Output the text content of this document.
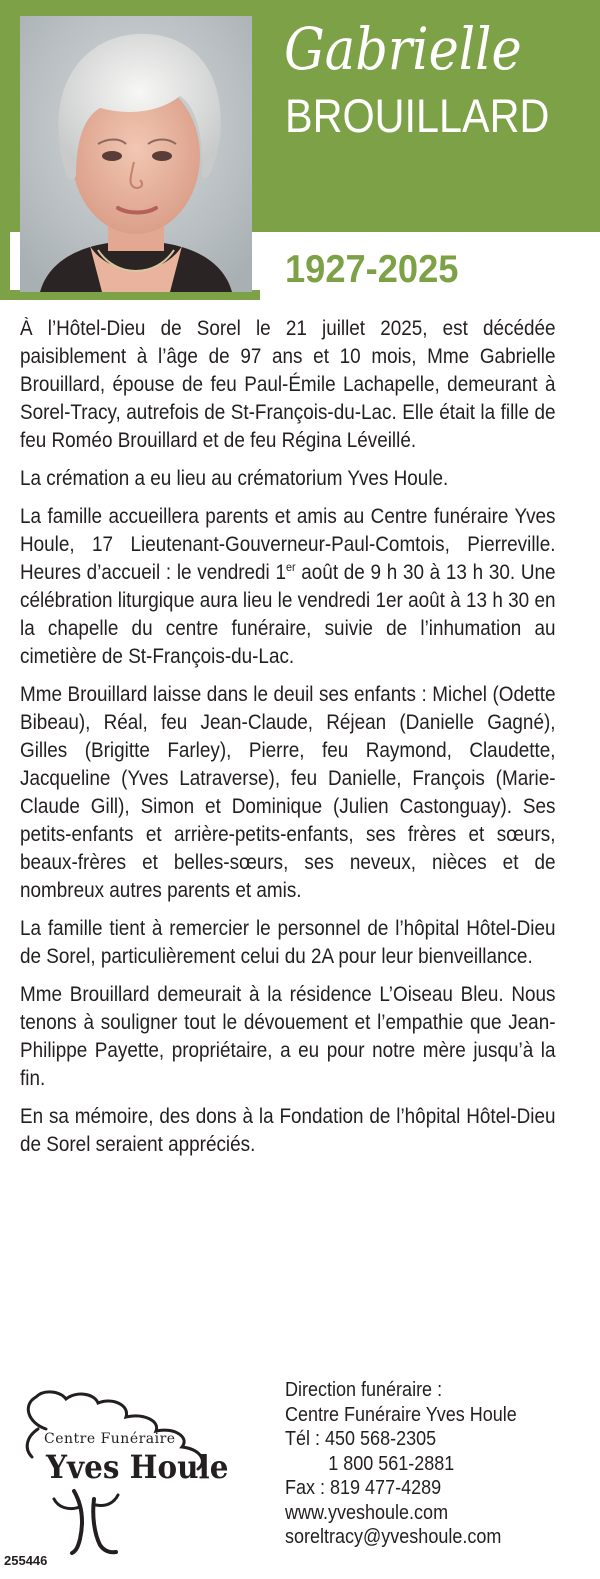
Gabrielle
BROUILLARD
1927-2025

À l’Hôtel-Dieu de Sorel le 21 juillet 2025, est décédée paisiblement à l’âge de 97 ans et 10 mois, Mme Gabrielle Brouillard, épouse de feu Paul-Émile Lachapelle, demeurant à Sorel-Tracy, autrefois de St-François-du-Lac. Elle était la fille de feu Roméo Brouillard et de feu Régina Léveillé.

La crémation a eu lieu au crématorium Yves Houle.

La famille accueillera parents et amis au Centre funéraire Yves Houle, 17 Lieutenant-Gouverneur-Paul-Comtois, Pierreville. Heures d’accueil : le vendredi 1er août de 9 h 30 à 13 h 30. Une célébration liturgique aura lieu le vendredi 1er août à 13 h 30 en la chapelle du centre funéraire, suivie de l’inhumation au cimetière de St-François-du-Lac.

Mme Brouillard laisse dans le deuil ses enfants : Michel (Odette Bibeau), Réal, feu Jean-Claude, Réjean (Danielle Gagné), Gilles (Brigitte Farley), Pierre, feu Raymond, Claudette, Jacqueline (Yves Latraverse), feu Danielle, François (Marie-Claude Gill), Simon et Dominique (Julien Castonguay). Ses petits-enfants et arrière-petits-enfants, ses frères et sœurs, beaux-frères et belles-sœurs, ses neveux, nièces et de nombreux autres parents et amis.

La famille tient à remercier le personnel de l’hôpital Hôtel-Dieu de Sorel, particulièrement celui du 2A pour leur bienveillance.

Mme Brouillard demeurait à la résidence L’Oiseau Bleu. Nous tenons à souligner tout le dévouement et l’empathie que Jean-Philippe Payette, propriétaire, a eu pour notre mère jusqu’à la fin.

En sa mémoire, des dons à la Fondation de l’hôpital Hôtel-Dieu de Sorel seraient appréciés.

Centre Funéraire
Yves Houle
255446
Direction funéraire :
Centre Funéraire Yves Houle
Tél : 450 568-2305
1 800 561-2881
Fax : 819 477-4289
www.yveshoule.com
soreltracy@yveshoule.com
